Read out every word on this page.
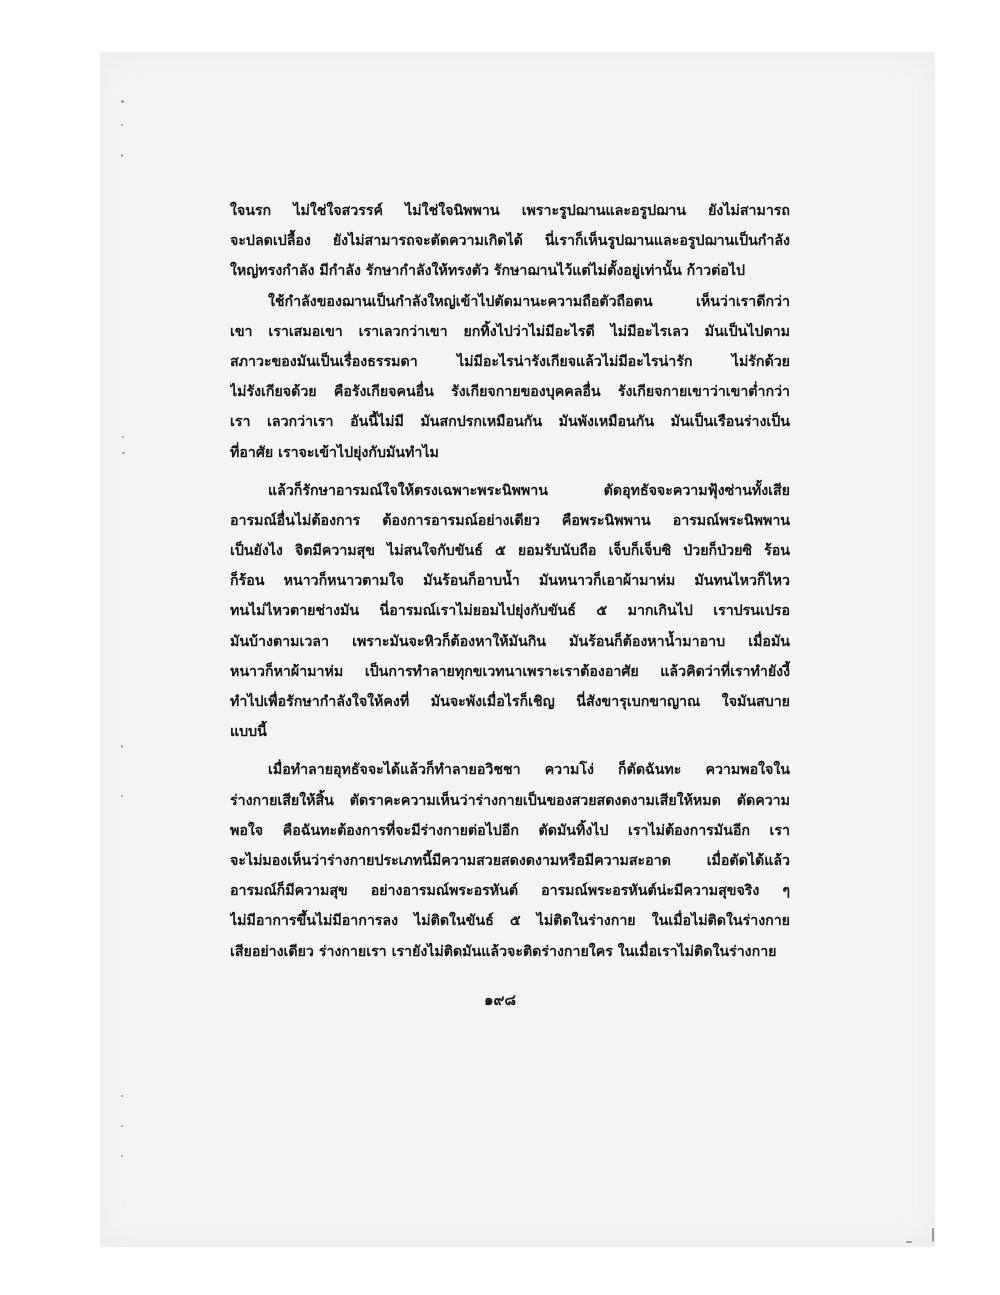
ใจนรก ไม่ใช่ใจสวรรค์ ไม่ใช่ใจนิพพาน เพราะรูปฌานและอรูปฌาน ยังไม่สามารถ
จะปลดเปลื้อง ยังไม่สามารถจะตัดความเกิดได้ นี่เราก็เห็นรูปฌานและอรูปฌานเป็นกำลัง
ใหญ่ทรงกำลัง มีกำลัง รักษากำลังให้ทรงตัว รักษาฌานไว้แต่ไม่ตั้งอยู่เท่านั้น ก้าวต่อไป
ใช้กำลังของฌานเป็นกำลังใหญ่เข้าไปตัดมานะความถือตัวถือตน เห็นว่าเราดีกว่า
เขา เราเสมอเขา เราเลวกว่าเขา ยกทิ้งไปว่าไม่มีอะไรดี ไม่มีอะไรเลว มันเป็นไปตาม
สภาวะของมันเป็นเรื่องธรรมดา ไม่มีอะไรน่ารังเกียจแล้วไม่มีอะไรน่ารัก ไม่รักด้วย
ไม่รังเกียจด้วย คือรังเกียจคนอื่น รังเกียจกายของบุคคลอื่น รังเกียจกายเขาว่าเขาต่ำกว่า
เรา เลวกว่าเรา อันนี้ไม่มี มันสกปรกเหมือนกัน มันพังเหมือนกัน มันเป็นเรือนร่างเป็น
ที่อาศัย เราจะเข้าไปยุ่งกับมันทำไม
แล้วก็รักษาอารมณ์ใจให้ตรงเฉพาะพระนิพพาน ตัดอุทธัจจะความฟุ้งซ่านทั้งเสีย
อารมณ์อื่นไม่ต้องการ ต้องการอารมณ์อย่างเดียว คือพระนิพพาน อารมณ์พระนิพพาน
เป็นยังไง จิตมีความสุข ไม่สนใจกับขันธ์ ๕ ยอมรับนับถือ เจ็บก็เจ็บซิ ป่วยก็ป่วยซิ ร้อน
ก็ร้อน หนาวก็หนาวตามใจ มันร้อนก็อาบน้ำ มันหนาวก็เอาผ้ามาห่ม มันทนไหวก็ไหว
ทนไม่ไหวตายช่างมัน นี่อารมณ์เราไม่ยอมไปยุ่งกับขันธ์ ๕ มากเกินไป เราปรนเปรอ
มันบ้างตามเวลา เพราะมันจะหิวก็ต้องหาให้มันกิน มันร้อนก็ต้องหาน้ำมาอาบ เมื่อมัน
หนาวก็หาผ้ามาห่ม เป็นการทำลายทุกขเวทนาเพราะเราต้องอาศัย แล้วคิดว่าที่เราทำยังงี้
ทำไปเพื่อรักษากำลังใจให้คงที่ มันจะพังเมื่อไรก็เชิญ นี่สังขารุเบกขาญาณ ใจมันสบาย
แบบนี้
เมื่อทำลายอุทธัจจะได้แล้วก็ทำลายอวิชชา ความโง่ ก็ตัดฉันทะ ความพอใจใน
ร่างกายเสียให้สิ้น ตัดราคะความเห็นว่าร่างกายเป็นของสวยสดงดงามเสียให้หมด ตัดความ
พอใจ คือฉันทะต้องการที่จะมีร่างกายต่อไปอีก ตัดมันทิ้งไป เราไม่ต้องการมันอีก เรา
จะไม่มองเห็นว่าร่างกายประเภทนี้มีความสวยสดงดงามหรือมีความสะอาด เมื่อตัดได้แล้ว
อารมณ์ก็มีความสุข อย่างอารมณ์พระอรหันต์ อารมณ์พระอรหันต์น่ะมีความสุขจริง ๆ
ไม่มีอาการขึ้นไม่มีอาการลง ไม่ติดในขันธ์ ๕ ไม่ติดในร่างกาย ในเมื่อไม่ติดในร่างกาย
เสียอย่างเดียว ร่างกายเรา เรายังไม่ติดมันแล้วจะติดร่างกายใคร ในเมื่อเราไม่ติดในร่างกาย
๑๙๘
